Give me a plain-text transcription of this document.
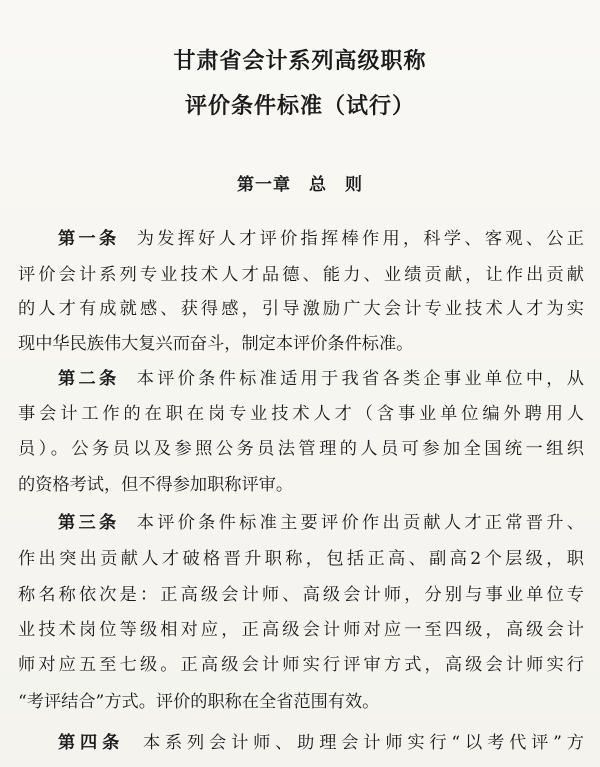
甘肃省会计系列高级职称
评价条件标准（试行）
第一章　总　则
第一条 为发挥好人才评价指挥棒作用，科学、客观、公正
评价会计系列专业技术人才品德、能力、业绩贡献，让作出贡献
的人才有成就感、获得感，引导激励广大会计专业技术人才为实
现中华民族伟大复兴而奋斗，制定本评价条件标准。
第二条 本评价条件标准适用于我省各类企事业单位中，从
事会计工作的在职在岗专业技术人才（含事业单位编外聘用人
员）。公务员以及参照公务员法管理的人员可参加全国统一组织
的资格考试，但不得参加职称评审。
第三条 本评价条件标准主要评价作出贡献人才正常晋升、
作出突出贡献人才破格晋升职称，包括正高、副高2个层级，职
称名称依次是：正高级会计师、高级会计师，分别与事业单位专
业技术岗位等级相对应，正高级会计师对应一至四级，高级会计
师对应五至七级。正高级会计师实行评审方式，高级会计师实行
“考评结合”方式。评价的职称在全省范围有效。
第四条 本系列会计师、助理会计师实行“以考代评”方
